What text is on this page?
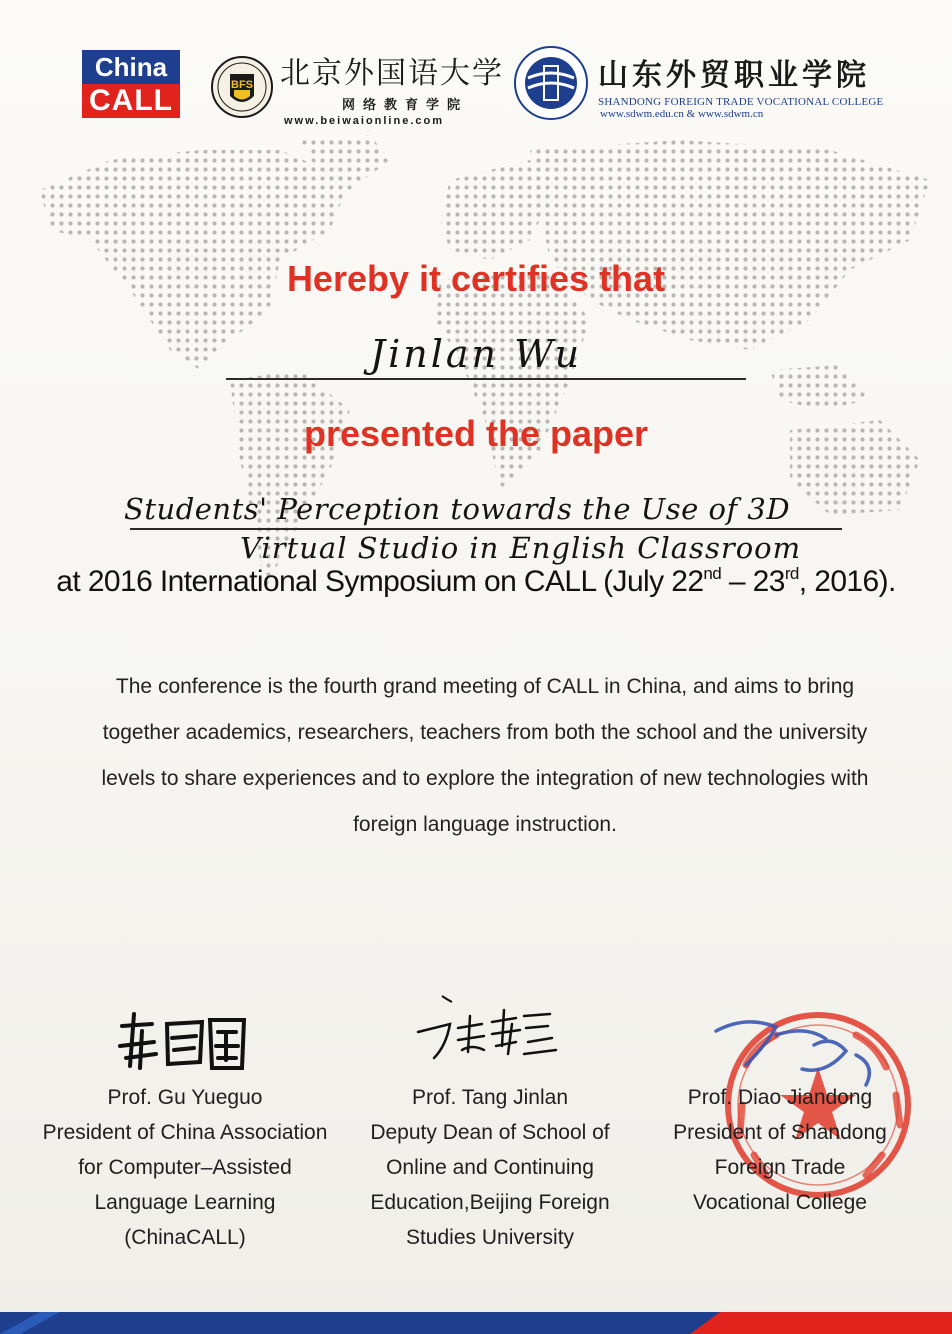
China
CALL	BFS 北京外国语大学
网络教育学院
www.beiwaionline.com
山东外贸职业学院
SHANDONG FOREIGN TRADE VOCATIONAL COLLEGE
www.sdwm.edu.cn & www.sdwm.cn
Hereby it certifies that
Jinlan Wu
presented the paper
Students' Perception towards the Use of 3D
Virtual Studio in English Classroom
at 2016 International Symposium on CALL (July 22nd – 23rd, 2016).
The conference is the fourth grand meeting of CALL in China, and aims to bring together academics, researchers, teachers from both the school and the university levels to share experiences and to explore the integration of new technologies with foreign language instruction.
Prof. Gu Yueguo
President of China Association
for Computer–Assisted
Language Learning
(ChinaCALL)
Prof. Tang Jinlan
Deputy Dean of School of
Online and Continuing
Education,Beijing Foreign
Studies University
Prof. Diao Jiandong
President of Shandong
Foreign Trade
Vocational College
